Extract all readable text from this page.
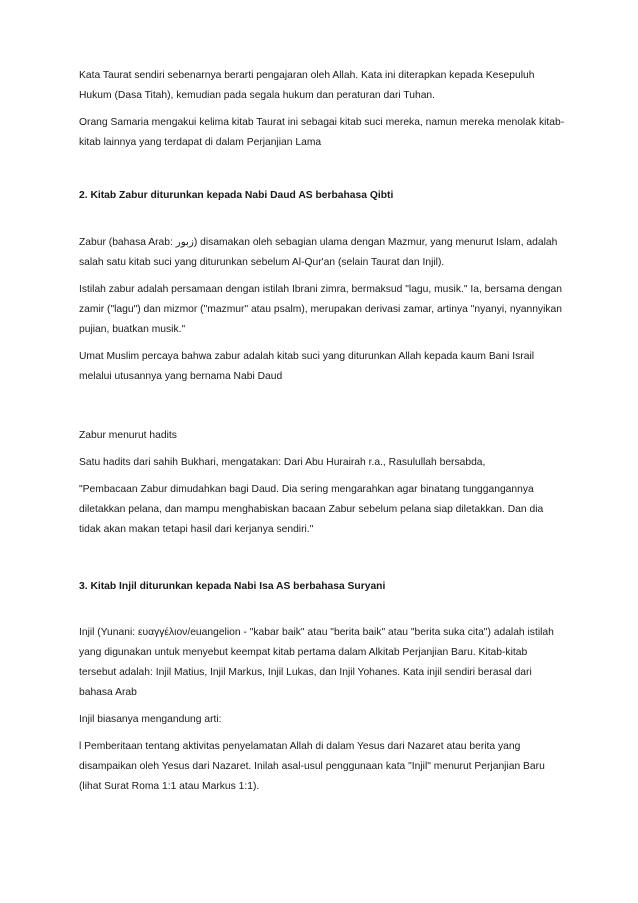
Kata Taurat sendiri sebenarnya berarti pengajaran oleh Allah. Kata ini diterapkan kepada Kesepuluh Hukum (Dasa Titah), kemudian pada segala hukum dan peraturan dari Tuhan.

Orang Samaria mengakui kelima kitab Taurat ini sebagai kitab suci mereka, namun mereka menolak kitab-kitab lainnya yang terdapat di dalam Perjanjian Lama

2. Kitab Zabur diturunkan kepada Nabi Daud AS berbahasa Qibti

Zabur (bahasa Arab: زبور) disamakan oleh sebagian ulama dengan Mazmur, yang menurut Islam, adalah salah satu kitab suci yang diturunkan sebelum Al-Qur'an (selain Taurat dan Injil).

Istilah zabur adalah persamaan dengan istilah Ibrani zimra, bermaksud "lagu, musik." Ia, bersama dengan zamir ("lagu") dan mizmor ("mazmur" atau psalm), merupakan derivasi zamar, artinya "nyanyi, nyannyikan pujian, buatkan musik."

Umat Muslim percaya bahwa zabur adalah kitab suci yang diturunkan Allah kepada kaum Bani Israil melalui utusannya yang bernama Nabi Daud

Zabur menurut hadits

Satu hadits dari sahih Bukhari, mengatakan: Dari Abu Hurairah r.a., Rasulullah bersabda,

"Pembacaan Zabur dimudahkan bagi Daud. Dia sering mengarahkan agar binatang tunggangannya diletakkan pelana, dan mampu menghabiskan bacaan Zabur sebelum pelana siap diletakkan. Dan dia tidak akan makan tetapi hasil dari kerjanya sendiri."

3. Kitab Injil diturunkan kepada Nabi Isa AS berbahasa Suryani

Injil (Yunani: ευαγγέλιον/euangelion - "kabar baik" atau "berita baik" atau "berita suka cita") adalah istilah yang digunakan untuk menyebut keempat kitab pertama dalam Alkitab Perjanjian Baru. Kitab-kitab tersebut adalah: Injil Matius, Injil Markus, Injil Lukas, dan Injil Yohanes. Kata injil sendiri berasal dari bahasa Arab

Injil biasanya mengandung arti:

l Pemberitaan tentang aktivitas penyelamatan Allah di dalam Yesus dari Nazaret atau berita yang disampaikan oleh Yesus dari Nazaret. Inilah asal-usul penggunaan kata "Injil" menurut Perjanjian Baru (lihat Surat Roma 1:1 atau Markus 1:1).
